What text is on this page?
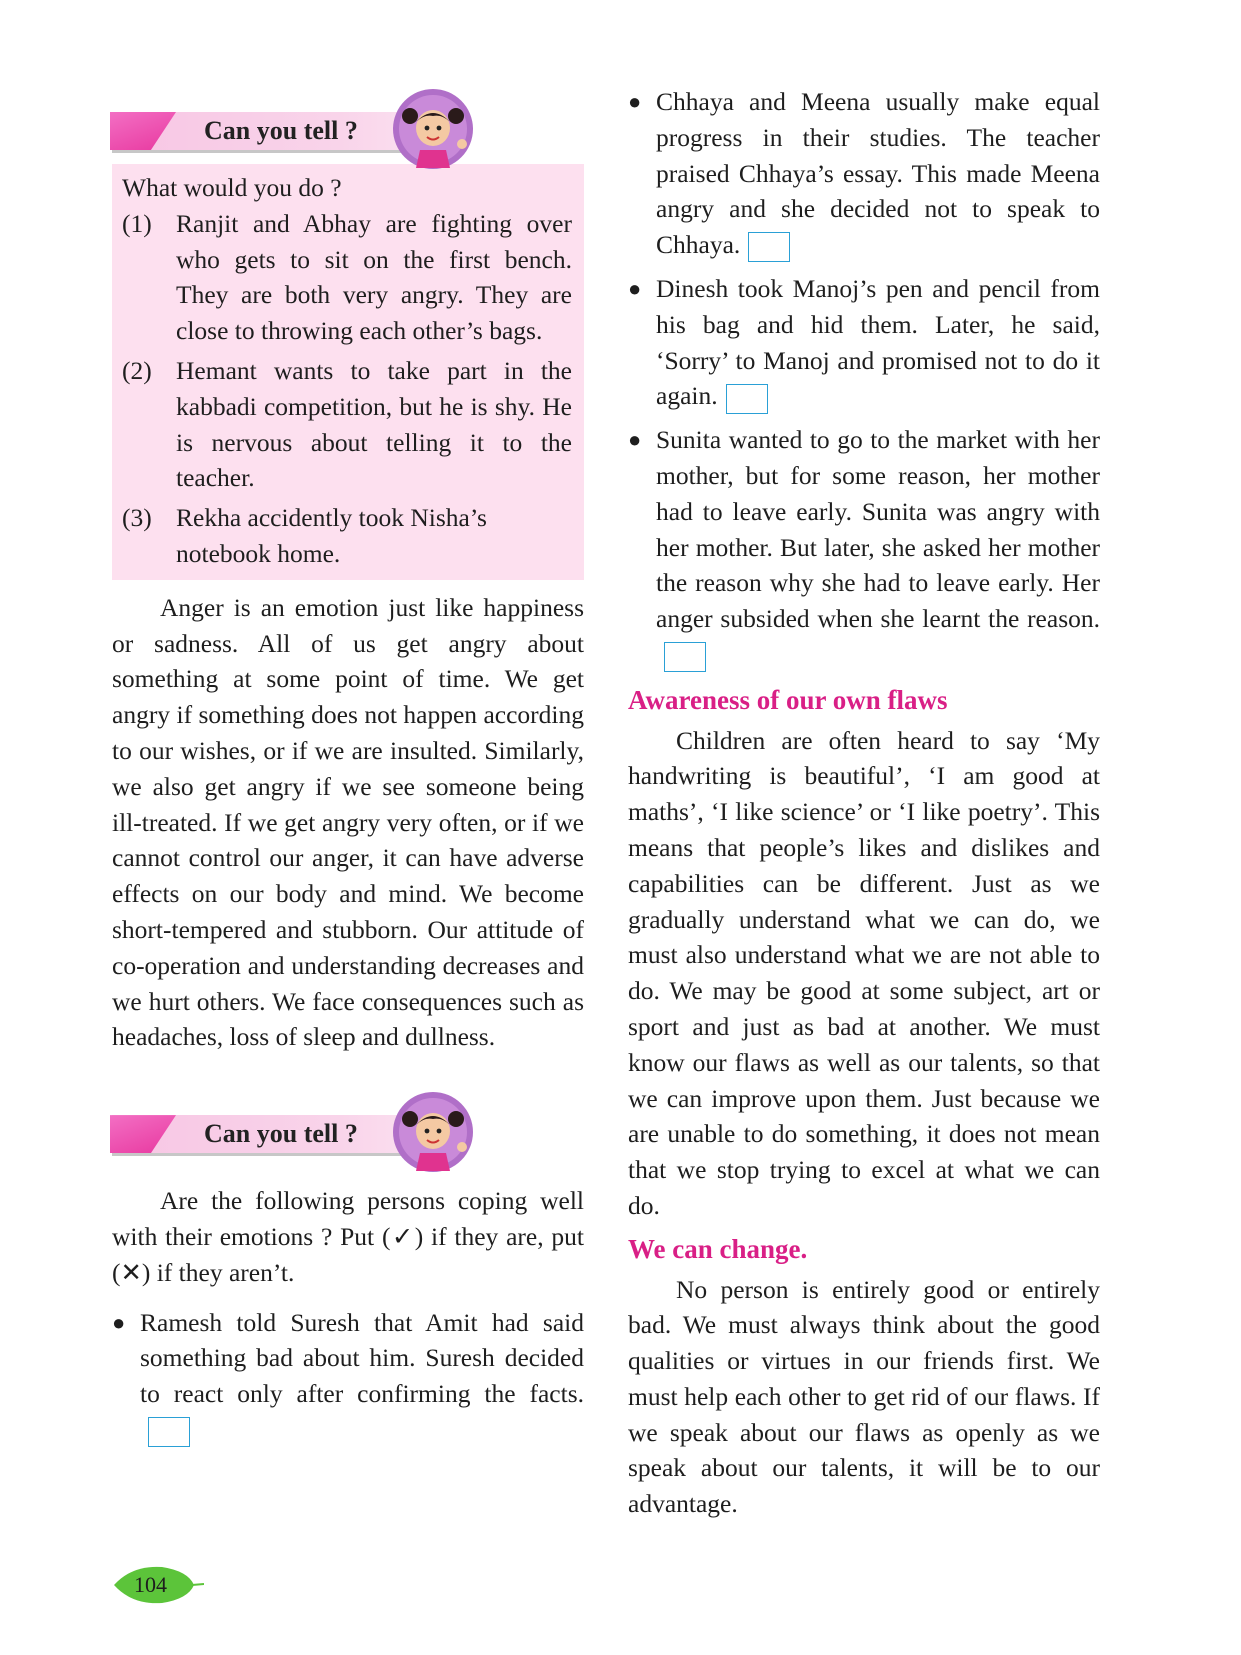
Can you tell ?

What would you do ?

(1) Ranjit and Abhay are fighting over who gets to sit on the first bench. They are both very angry. They are close to throwing each other’s bags.
(2) Hemant wants to take part in the kabbadi competition, but he is shy. He is nervous about telling it to the teacher.
(3) Rekha accidently took Nisha’s notebook home.

Anger is an emotion just like happiness or sadness. All of us get angry about something at some point of time. We get angry if something does not happen according to our wishes, or if we are insulted. Similarly, we also get angry if we see someone being ill-treated. If we get angry very often, or if we cannot control our anger, it can have adverse effects on our body and mind. We become short-tempered and stubborn. Our attitude of co-operation and understanding decreases and we hurt others. We face consequences such as headaches, loss of sleep and dullness.

Can you tell ?

Are the following persons coping well with their emotions ? Put (✓) if they are, put (✕) if they aren’t.

● Ramesh told Suresh that Amit had said something bad about him. Suresh decided to react only after confirming the facts.
● Chhaya and Meena usually make equal progress in their studies. The teacher praised Chhaya’s essay. This made Meena angry and she decided not to speak to Chhaya.
● Dinesh took Manoj’s pen and pencil from his bag and hid them. Later, he said, ‘Sorry’ to Manoj and promised not to do it again.
● Sunita wanted to go to the market with her mother, but for some reason, her mother had to leave early. Sunita was angry with her mother. But later, she asked her mother the reason why she had to leave early. Her anger subsided when she learnt the reason.

Awareness of our own flaws

Children are often heard to say ‘My handwriting is beautiful’, ‘I am good at maths’, ‘I like science’ or ‘I like poetry’. This means that people’s likes and dislikes and capabilities can be different. Just as we gradually understand what we can do, we must also understand what we are not able to do. We may be good at some subject, art or sport and just as bad at another. We must know our flaws as well as our talents, so that we can improve upon them. Just because we are unable to do something, it does not mean that we stop trying to excel at what we can do.

We can change.

No person is entirely good or entirely bad. We must always think about the good qualities or virtues in our friends first. We must help each other to get rid of our flaws. If we speak about our flaws as openly as we speak about our talents, it will be to our advantage.

104
